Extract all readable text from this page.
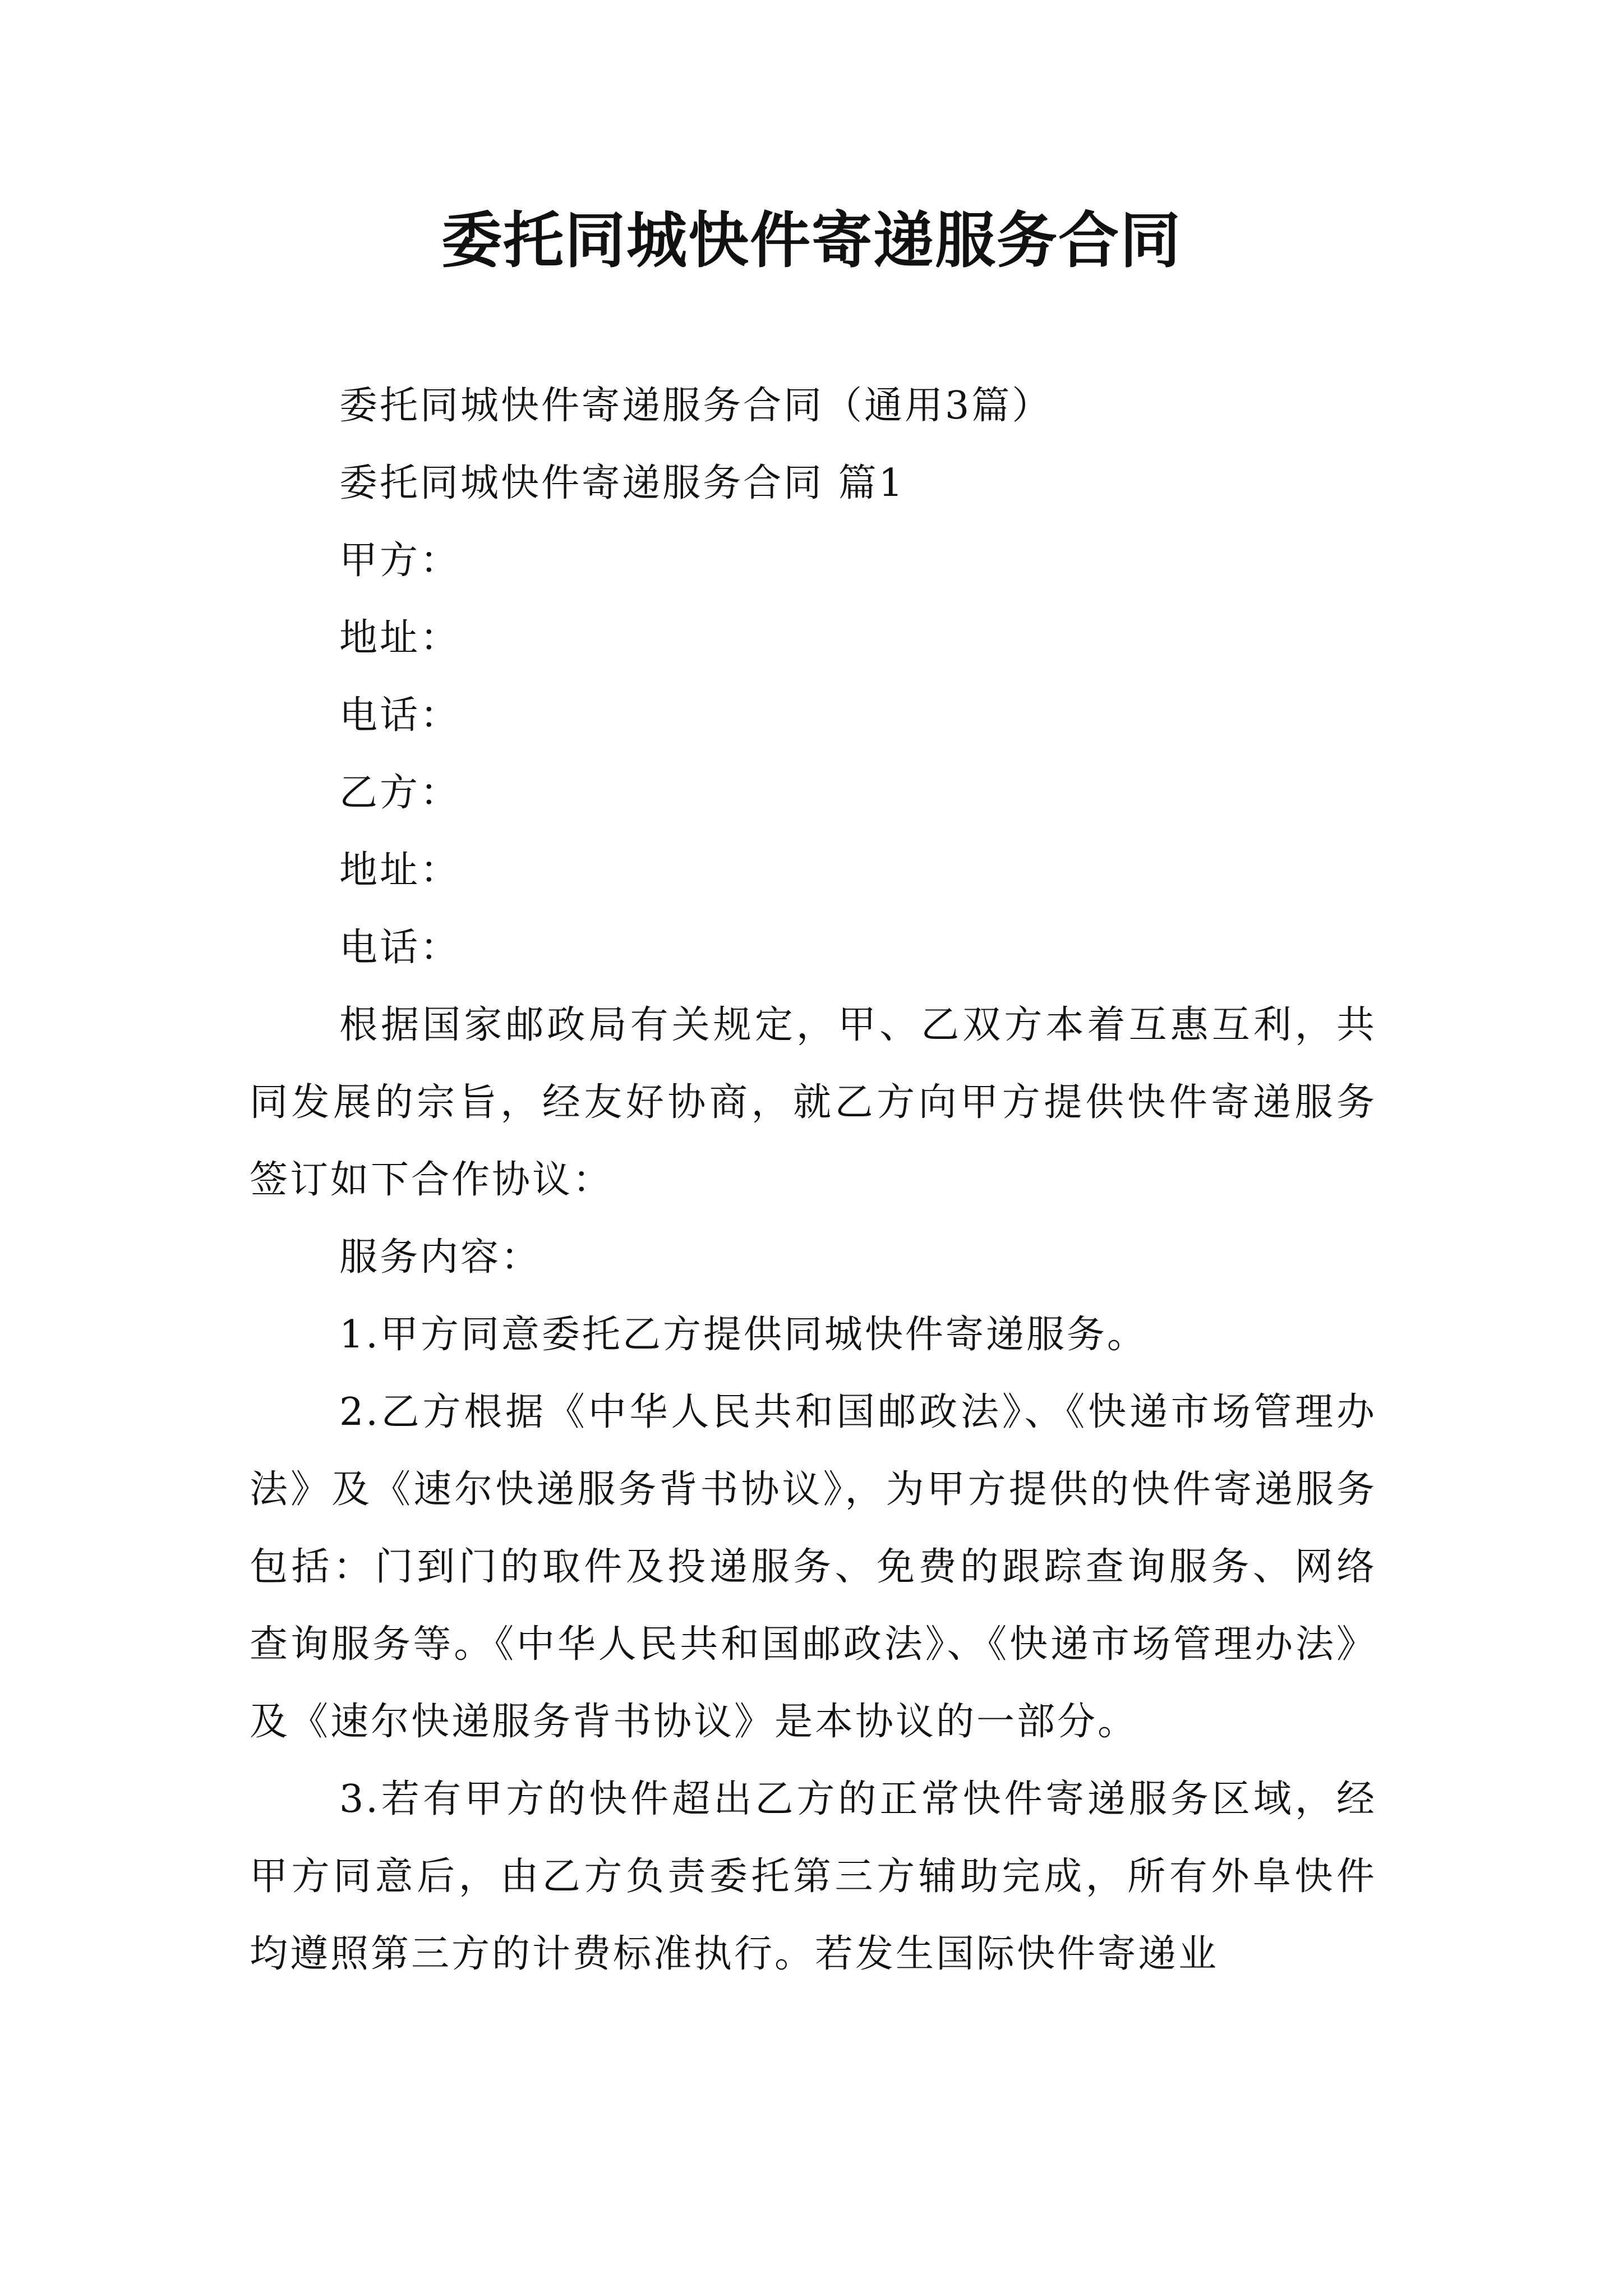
委托同城快件寄递服务合同

委托同城快件寄递服务合同（通用3篇）

委托同城快件寄递服务合同 篇1

甲方：

地址：

电话：

乙方：

地址：

电话：

根据国家邮政局有关规定，甲、乙双方本着互惠互利，共同发展的宗旨，经友好协商，就乙方向甲方提供快件寄递服务签订如下合作协议：

服务内容：

1.甲方同意委托乙方提供同城快件寄递服务。

2.乙方根据《中华人民共和国邮政法》、《快递市场管理办法》及《速尔快递服务背书协议》，为甲方提供的快件寄递服务包括：门到门的取件及投递服务、免费的跟踪查询服务、网络查询服务等。《中华人民共和国邮政法》、《快递市场管理办法》及《速尔快递服务背书协议》是本协议的一部分。

3.若有甲方的快件超出乙方的正常快件寄递服务区域，经甲方同意后，由乙方负责委托第三方辅助完成，所有外阜快件均遵照第三方的计费标准执行。若发生国际快件寄递业
